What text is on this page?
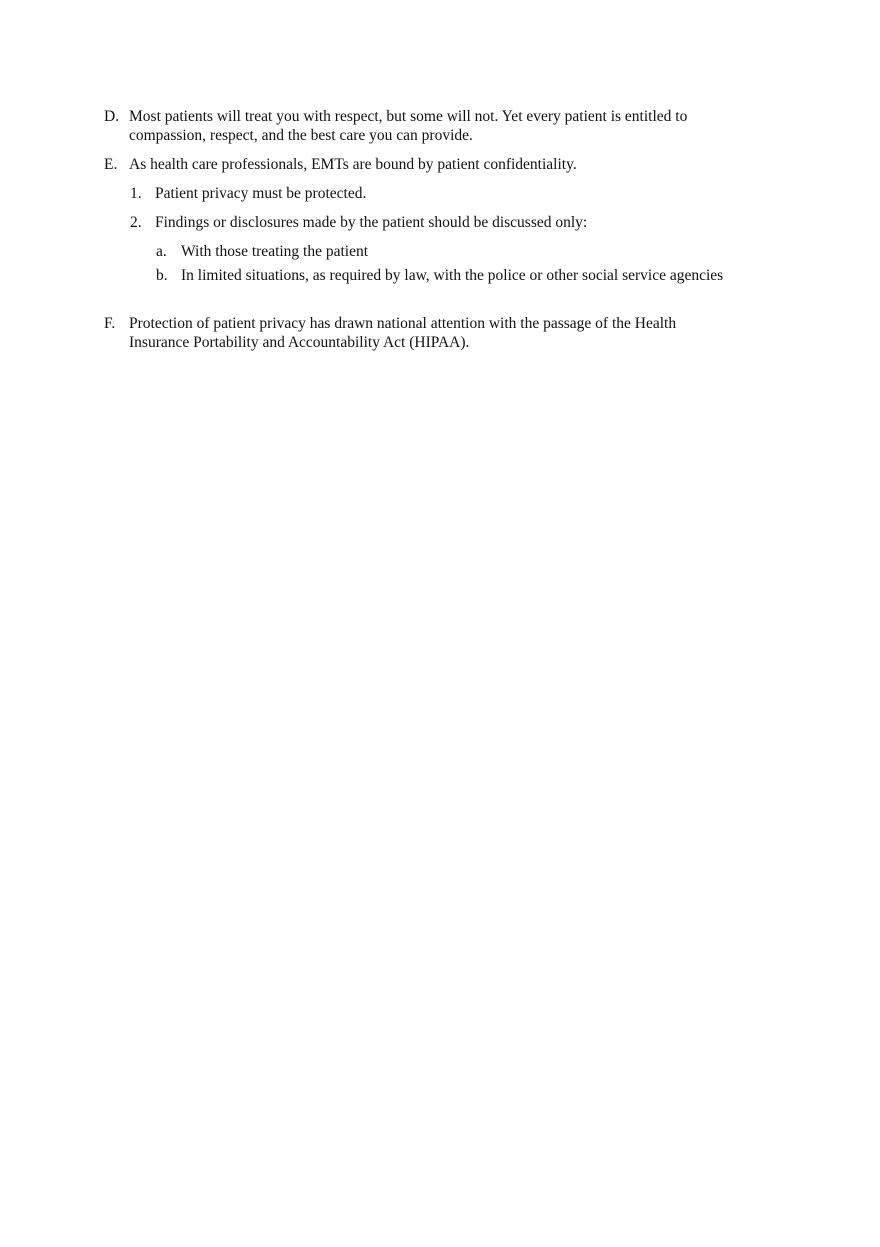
D. Most patients will treat you with respect, but some will not. Yet every patient is entitled to compassion, respect, and the best care you can provide.
E. As health care professionals, EMTs are bound by patient confidentiality.
1. Patient privacy must be protected.
2. Findings or disclosures made by the patient should be discussed only:
a. With those treating the patient
b. In limited situations, as required by law, with the police or other social service agencies
F. Protection of patient privacy has drawn national attention with the passage of the Health Insurance Portability and Accountability Act (HIPAA).
